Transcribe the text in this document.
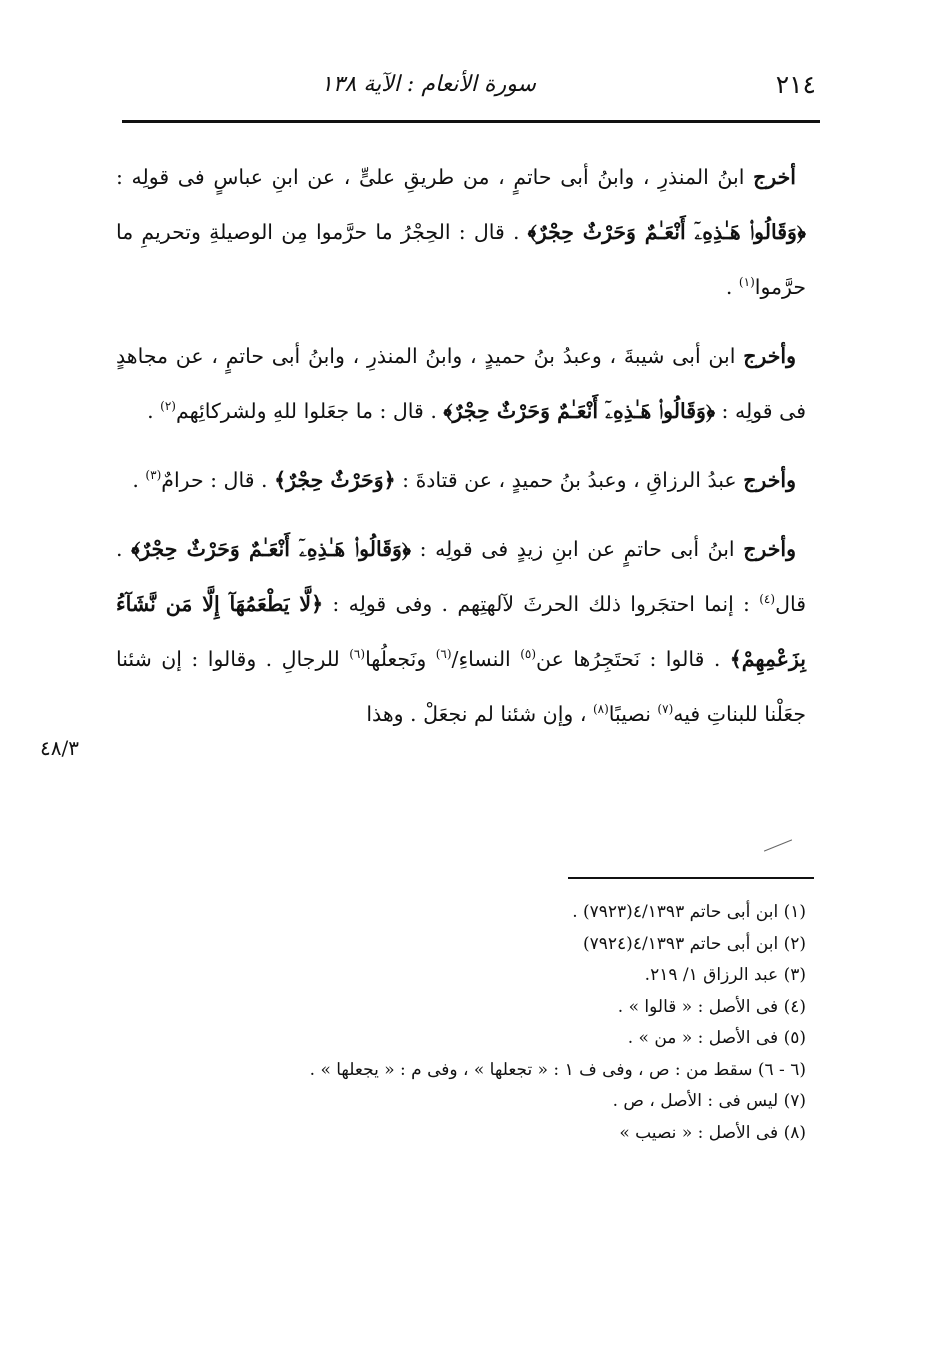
٢١٤
سورة الأنعام : الآية ١٣٨

أخرج ابنُ المنذرِ ، وابنُ أبى حاتمٍ ، من طريقِ علىٍّ ، عن ابنِ عباسٍ فى قولِه : ﴿وَقَالُوا۟ هَـٰذِهِۦٓ أَنْعَـٰمٌ وَحَرْثٌ حِجْرٌ﴾ . قال : الحِجْرُ ما حرَّموا مِن الوصيلةِ وتحريمِ ما حرَّموا$^{(١)}$ .

وأخرج ابن أبى شيبةَ ، وعبدُ بنُ حميدٍ ، وابنُ المنذرِ ، وابنُ أبى حاتمٍ ، عن مجاهدٍ فى قولِه : ﴿وَقَالُوا۟ هَـٰذِهِۦٓ أَنْعَـٰمٌ وَحَرْثٌ حِجْرٌ﴾ . قال : ما جعَلوا للهِ ولشركائِهم$^{(٢)}$ .

وأخرج عبدُ الرزاقِ ، وعبدُ بنُ حميدٍ ، عن قتادةَ : ﴿وَحَرْثٌ حِجْرٌ﴾ . قال : حرامٌ$^{(٣)}$ .

وأخرج ابنُ أبى حاتمٍ عن ابنِ زيدٍ فى قولِه : ﴿وَقَالُوا۟ هَـٰذِهِۦٓ أَنْعَـٰمٌ وَحَرْثٌ حِجْرٌ﴾ . قال$^{(٤)}$ : إنما احتجَروا ذلك الحرثَ لآلهتِهم . وفى قولِه : ﴿لَّا يَطْعَمُهَآ إِلَّا مَن نَّشَآءُ بِزَعْمِهِمْ﴾ . قالوا : نَحتَجِرُها عن$^{(٥)}$ النساءِ/$^{(٦)}$ ونَجعلُها$^{(٦)}$ للرجالِ . وقالوا : إن شئنا جعَلْنا للبناتِ فيه$^{(٧)}$ نصيبًا$^{(٨)}$ ، وإن شئنا لم نجعَلْ . وهذا

٤٨/٣

(١) ابن أبى حاتم ٤/١٣٩٣(٧٩٢٣) .

(٢) ابن أبى حاتم ٤/١٣٩٣(٧٩٢٤)

(٣) عبد الرزاق ١/ ٢١٩.

(٤) فى الأصل : « قالوا » .

(٥) فى الأصل : « من » .

(٦ - ٦) سقط من : ص ، وفى ف ١ : « تجعلها » ، وفى م : « يجعلها » .

(٧) ليس فى : الأصل ، ص .

(٨) فى الأصل : « نصيب »
